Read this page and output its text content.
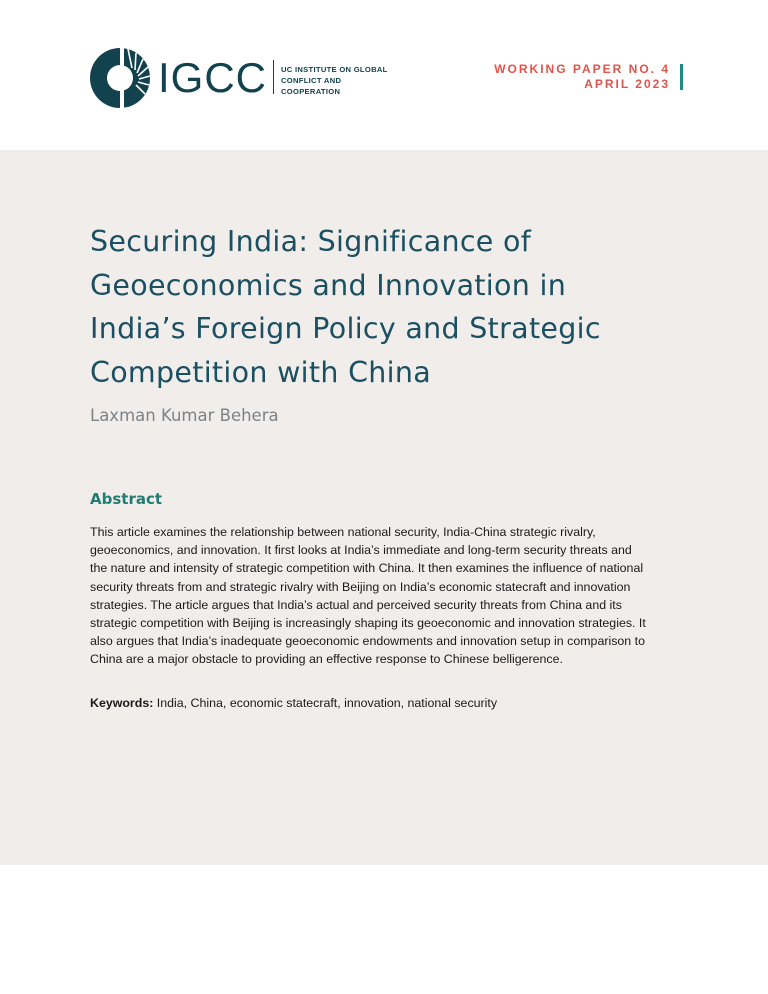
IGCC UC INSTITUTE ON GLOBAL
CONFLICT AND COOPERATION
WORKING PAPER NO. 4
APRIL 2023
Securing India: Significance of
Geoeconomics and Innovation in
India’s Foreign Policy and Strategic
Competition with China

Laxman Kumar Behera

Abstract
This article examines the relationship between national security, India-China strategic rivalry,
geoeconomics, and innovation. It first looks at India’s immediate and long-term security threats and
the nature and intensity of strategic competition with China. It then examines the influence of national
security threats from and strategic rivalry with Beijing on India’s economic statecraft and innovation
strategies. The article argues that India’s actual and perceived security threats from China and its
strategic competition with Beijing is increasingly shaping its geoeconomic and innovation strategies. It
also argues that India’s inadequate geoeconomic endowments and innovation setup in comparison to
China are a major obstacle to providing an effective response to Chinese belligerence.

Keywords: India, China, economic statecraft, innovation, national security
